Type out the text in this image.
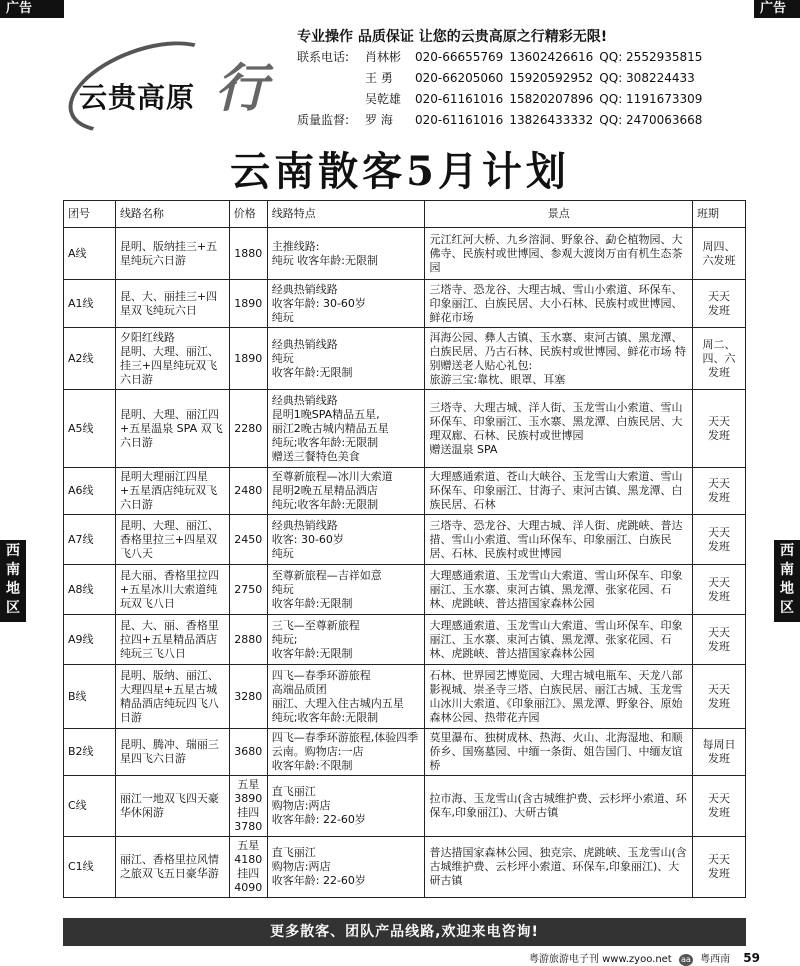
广告	广告
云贵高原 行
专业操作 品质保证 让您的云贵高原之行精彩无限!
联系电话: 肖林彬 020-66655769 13602426616 QQ: 2552935815
王 勇 020-66205060 15920592952 QQ: 308224433
吴乾雄 020-61161016 15820207896 QQ: 1191673309
质量监督: 罗 海 020-61161016 13826433332 QQ: 2470063668
云南散客5月计划
团号	线路名称	价格	线路特点	景点	班期
A线	昆明、版纳挂三+五星纯玩六日游	1880	主推线路:
纯玩 收客年龄:无限制	元江红河大桥、九乡溶洞、野象谷、勐仑植物园、大佛寺、民族村或世博园、参观大渡岗万亩有机生态茶园	周四、
六发班
A1线	昆、大、丽挂三+四星双飞纯玩六日	1890	经典热销线路
收客年龄: 30-60岁
纯玩	三塔寺、恐龙谷、大理古城、雪山小索道、环保车、印象丽江、白族民居、大小石林、民族村或世博园、鲜花市场	天天
发班
A2线	夕阳红线路
昆明、大理、丽江、挂三+四星纯玩双飞六日游	1890	经典热销线路
纯玩
收客年龄:无限制	洱海公园、彝人古镇、玉水寨、束河古镇、黑龙潭、白族民居、乃古石林、民族村或世博园、鲜花市场 特别赠送老人贴心礼包:
旅游三宝:靠枕、眼罩、耳塞	周二、
四、六
发班
A5线	昆明、大理、丽江四+五星温泉 SPA 双飞六日游	2280	经典热销线路
昆明1晚SPA精品五星,
丽江2晚古城内精品五星
纯玩;收客年龄:无限制
赠送三餐特色美食	三塔寺、大理古城、洋人街、玉龙雪山小索道、雪山环保车、印象丽江、玉水寨、黑龙潭、白族民居、大理双廊、石林、民族村或世博园
赠送温泉 SPA	天天
发班
A6线	昆明大理丽江四星+五星酒店纯玩双飞六日游	2480	至尊新旅程—冰川大索道
昆明2晚五星精品酒店
纯玩;收客年龄:无限制	大理感通索道、苍山大峡谷、玉龙雪山大索道、雪山环保车、印象丽江、甘海子、束河古镇、黑龙潭、白族民居、石林	天天
发班
A7线	昆明、大理、丽江、香格里拉三+四星双飞八天	2450	经典热销线路
收客: 30-60岁
纯玩	三塔寺、恐龙谷、大理古城、洋人街、虎跳峡、普达措、雪山小索道、雪山环保车、印象丽江、白族民居、石林、民族村或世博园	天天
发班
A8线	昆大丽、香格里拉四+五星冰川大索道纯玩双飞八日	2750	至尊新旅程—吉祥如意
纯玩
收客年龄:无限制	大理感通索道、玉龙雪山大索道、雪山环保车、印象丽江、玉水寨、束河古镇、黑龙潭、张家花园、石林、虎跳峡、普达措国家森林公园	天天
发班
A9线	昆、大、丽、香格里拉四+五星精品酒店纯玩三飞八日	2880	三飞—至尊新旅程
纯玩;
收客年龄:无限制	大理感通索道、玉龙雪山大索道、雪山环保车、印象丽江、玉水寨、束河古镇、黑龙潭、张家花园、石林、虎跳峡、普达措国家森林公园	天天
发班
B线	昆明、版纳、丽江、大理四星+五星古城精品酒店纯玩四飞八日游	3280	四飞—春季环游旅程
高端品质团
丽江、大理入住古城内五星
纯玩;收客年龄:无限制	石林、世界园艺博览园、大理古城电瓶车、天龙八部影视城、崇圣寺三塔、白族民居、丽江古城、玉龙雪山冰川大索道、《印象丽江》、黑龙潭、野象谷、原始森林公园、热带花卉园	天天
发班
B2线	昆明、腾冲、瑞丽三星四飞六日游	3680	四飞—春季环游旅程,体验四季云南。购物店:一店
收客年龄:不限制	莫里瀑布、独树成林、热海、火山、北海湿地、和顺侨乡、国殇墓园、中缅一条街、姐告国门、中缅友谊桥	每周日
发班
C线	丽江一地双飞四天豪华休闲游	五星
3890
挂四
3780	直飞丽江
购物店:两店
收客年龄: 22-60岁	拉市海、玉龙雪山(含古城维护费、云杉坪小索道、环保车,印象丽江)、大研古镇	天天
发班
C1线	丽江、香格里拉风情之旅双飞五日豪华游	五星
4180
挂四
4090	直飞丽江
购物店:两店
收客年龄: 22-60岁	普达措国家森林公园、独克宗、虎跳峡、玉龙雪山(含古城维护费、云杉坪小索道、环保车,印象丽江)、大研古镇	天天
发班
西南地区
西南地区
更多散客、团队产品线路,欢迎来电咨询!
粤游旅游电子刊 www.zyoo.net aa 粤西南 59
